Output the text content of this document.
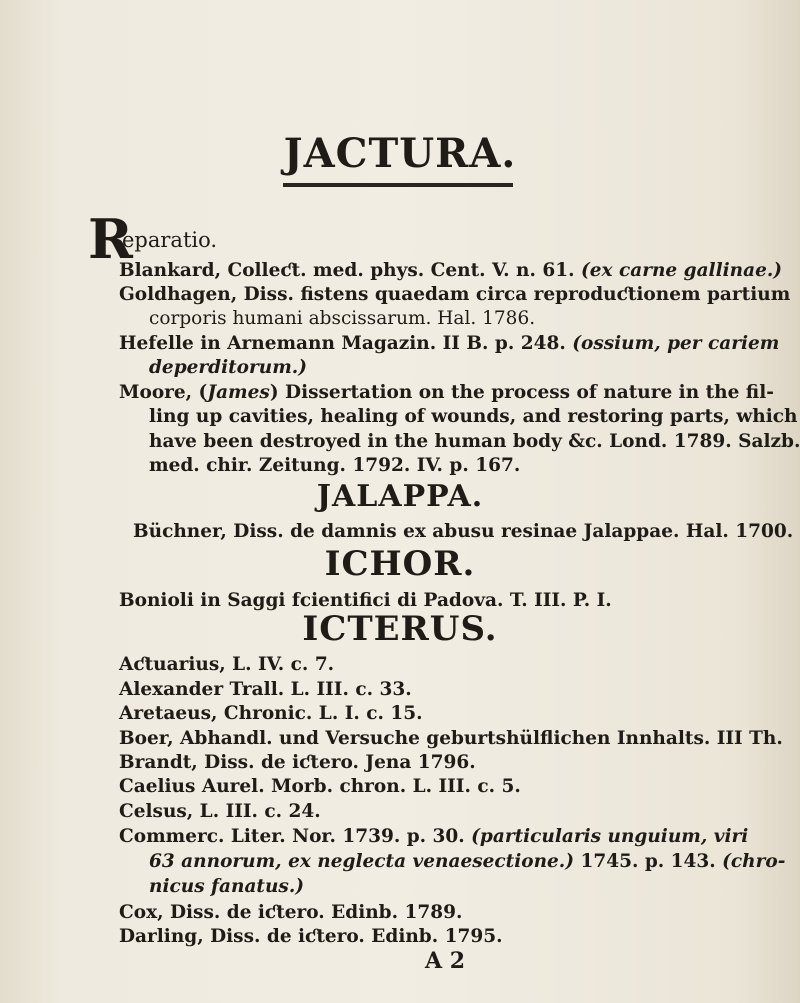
JACTURA.
R
eparatio.
Blankard, Colleƈt. med. phys. Cent. V. n. 61. (ex carne gallinae.)
Goldhagen, Diss. fistens quaedam circa reproduƈtionem partium
corporis humani abscissarum. Hal. 1786.
Hefelle in Arnemann Magazin. II B. p. 248. (ossium, per cariem
deperditorum.)
Moore, (James) Dissertation on the process of nature in the fil-
ling up cavities, healing of wounds, and restoring parts, which
have been destroyed in the human body &c. Lond. 1789. Salzb.
med. chir. Zeitung. 1792. IV. p. 167.
JALAPPA.
Büchner, Diss. de damnis ex abusu resinae Jalappae. Hal. 1700.
ICHOR.
Bonioli in Saggi fcientifici di Padova. T. III. P. I.
ICTERUS.
Aƈtuarius, L. IV. c. 7.
Alexander Trall. L. III. c. 33.
Aretaeus, Chronic. L. I. c. 15.
Boer, Abhandl. und Versuche geburtshülflichen Innhalts. III Th.
Brandt, Diss. de iƈtero. Jena 1796.
Caelius Aurel. Morb. chron. L. III. c. 5.
Celsus, L. III. c. 24.
Commerc. Liter. Nor. 1739. p. 30. (particularis unguium, viri
63 annorum, ex neglecta venaesectione.) 1745. p. 143. (chro-
nicus fanatus.)
Cox, Diss. de iƈtero. Edinb. 1789.
Darling, Diss. de iƈtero. Edinb. 1795.
A 2
